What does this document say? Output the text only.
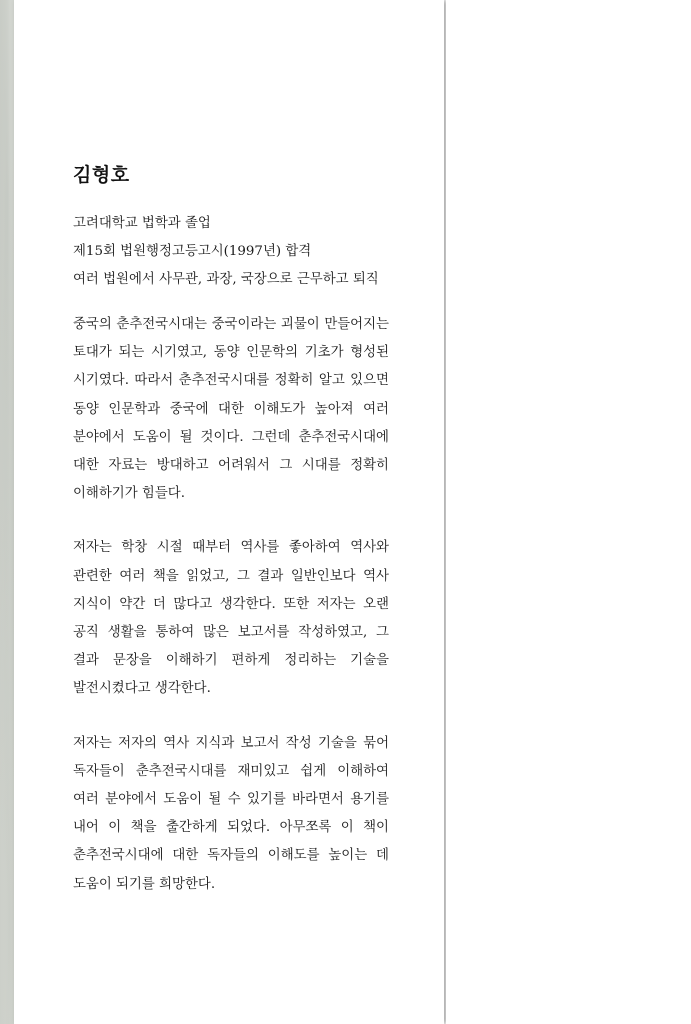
김형호
고려대학교 법학과 졸업
제15회 법원행정고등고시(1997년) 합격
여러 법원에서 사무관, 과장, 국장으로 근무하고 퇴직

중국의 춘추전국시대는 중국이라는 괴물이 만들어지는 토대가 되는 시기였고, 동양 인문학의 기초가 형성된 시기였다. 따라서 춘추전국시대를 정확히 알고 있으면 동양 인문학과 중국에 대한 이해도가 높아져 여러 분야에서 도움이 될 것이다. 그런데 춘추전국시대에 대한 자료는 방대하고 어려워서 그 시대를 정확히 이해하기가 힘들다.

저자는 학창 시절 때부터 역사를 좋아하여 역사와 관련한 여러 책을 읽었고, 그 결과 일반인보다 역사 지식이 약간 더 많다고 생각한다. 또한 저자는 오랜 공직 생활을 통하여 많은 보고서를 작성하였고, 그 결과 문장을 이해하기 편하게 정리하는 기술을 발전시켰다고 생각한다.

저자는 저자의 역사 지식과 보고서 작성 기술을 묶어 독자들이 춘추전국시대를 재미있고 쉽게 이해하여 여러 분야에서 도움이 될 수 있기를 바라면서 용기를 내어 이 책을 출간하게 되었다. 아무쪼록 이 책이 춘추전국시대에 대한 독자들의 이해도를 높이는 데 도움이 되기를 희망한다.
